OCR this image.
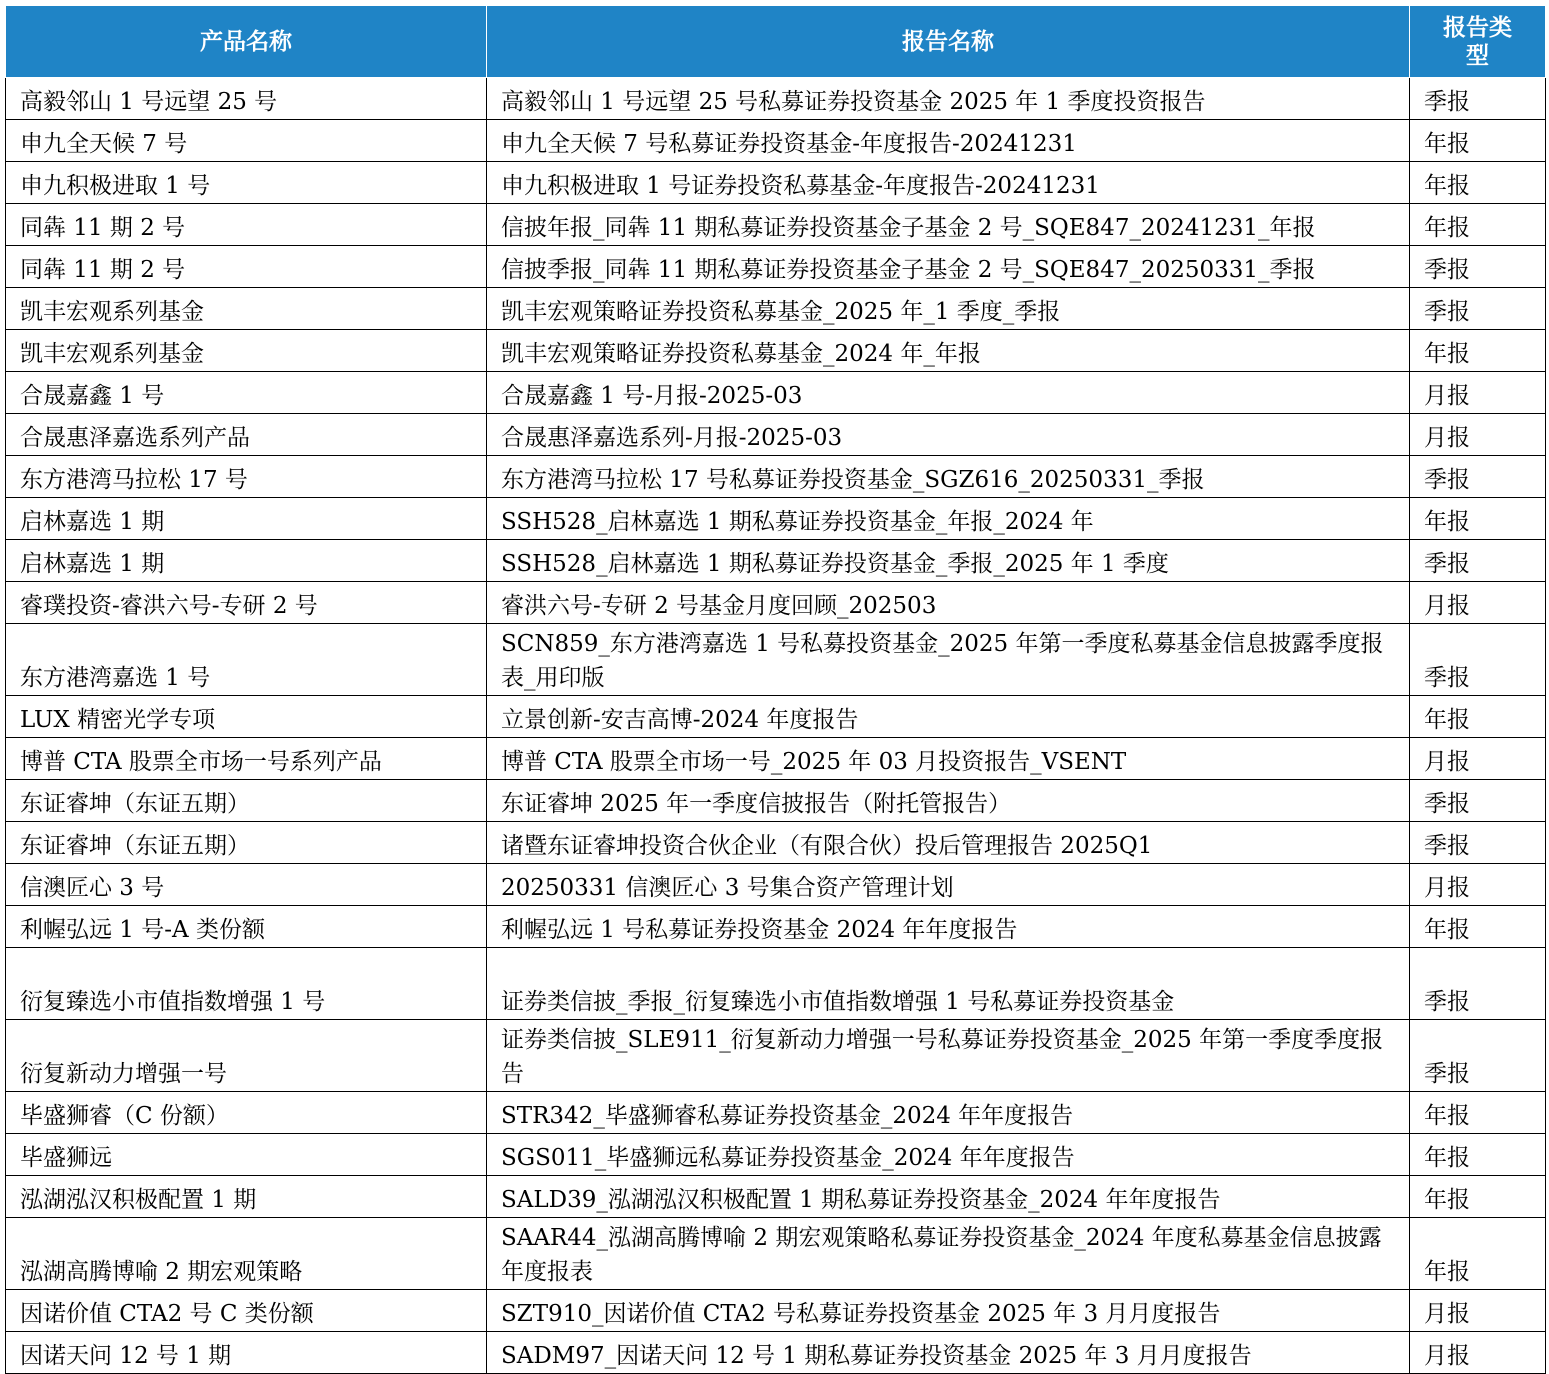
产品名称	报告名称	报告类型
高毅邻山 1 号远望 25 号	高毅邻山 1 号远望 25 号私募证券投资基金 2025 年 1 季度投资报告	季报
申九全天候 7 号	申九全天候 7 号私募证券投资基金-年度报告-20241231	年报
申九积极进取 1 号	申九积极进取 1 号证券投资私募基金-年度报告-20241231	年报
同犇 11 期 2 号	信披年报_同犇 11 期私募证券投资基金子基金 2 号_SQE847_20241231_年报	年报
同犇 11 期 2 号	信披季报_同犇 11 期私募证券投资基金子基金 2 号_SQE847_20250331_季报	季报
凯丰宏观系列基金	凯丰宏观策略证券投资私募基金_2025 年_1 季度_季报	季报
凯丰宏观系列基金	凯丰宏观策略证券投资私募基金_2024 年_年报	年报
合晟嘉鑫 1 号	合晟嘉鑫 1 号-月报-2025-03	月报
合晟惠泽嘉选系列产品	合晟惠泽嘉选系列-月报-2025-03	月报
东方港湾马拉松 17 号	东方港湾马拉松 17 号私募证券投资基金_SGZ616_20250331_季报	季报
启林嘉选 1 期	SSH528_启林嘉选 1 期私募证券投资基金_年报_2024 年	年报
启林嘉选 1 期	SSH528_启林嘉选 1 期私募证券投资基金_季报_2025 年 1 季度	季报
睿璞投资-睿洪六号-专研 2 号	睿洪六号-专研 2 号基金月度回顾_202503	月报
东方港湾嘉选 1 号	SCN859_东方港湾嘉选 1 号私募投资基金_2025 年第一季度私募基金信息披露季度报表_用印版	季报
LUX 精密光学专项	立景创新-安吉高博-2024 年度报告	年报
博普 CTA 股票全市场一号系列产品	博普 CTA 股票全市场一号_2025 年 03 月投资报告_VSENT	月报
东证睿坤（东证五期）	东证睿坤 2025 年一季度信披报告（附托管报告）	季报
东证睿坤（东证五期）	诸暨东证睿坤投资合伙企业（有限合伙）投后管理报告 2025Q1	季报
信澳匠心 3 号	20250331 信澳匠心 3 号集合资产管理计划	月报
利幄弘远 1 号-A 类份额	利幄弘远 1 号私募证券投资基金 2024 年年度报告	年报
衍复臻选小市值指数增强 1 号	证券类信披_季报_衍复臻选小市值指数增强 1 号私募证券投资基金	季报
衍复新动力增强一号	证券类信披_SLE911_衍复新动力增强一号私募证券投资基金_2025 年第一季度季度报告	季报
毕盛狮睿（C 份额）	STR342_毕盛狮睿私募证券投资基金_2024 年年度报告	年报
毕盛狮远	SGS011_毕盛狮远私募证券投资基金_2024 年年度报告	年报
泓湖泓汉积极配置 1 期	SALD39_泓湖泓汉积极配置 1 期私募证券投资基金_2024 年年度报告	年报
泓湖高腾博喻 2 期宏观策略	SAAR44_泓湖高腾博喻 2 期宏观策略私募证券投资基金_2024 年度私募基金信息披露年度报表	年报
因诺价值 CTA2 号 C 类份额	SZT910_因诺价值 CTA2 号私募证券投资基金 2025 年 3 月月度报告	月报
因诺天问 12 号 1 期	SADM97_因诺天问 12 号 1 期私募证券投资基金 2025 年 3 月月度报告	月报
